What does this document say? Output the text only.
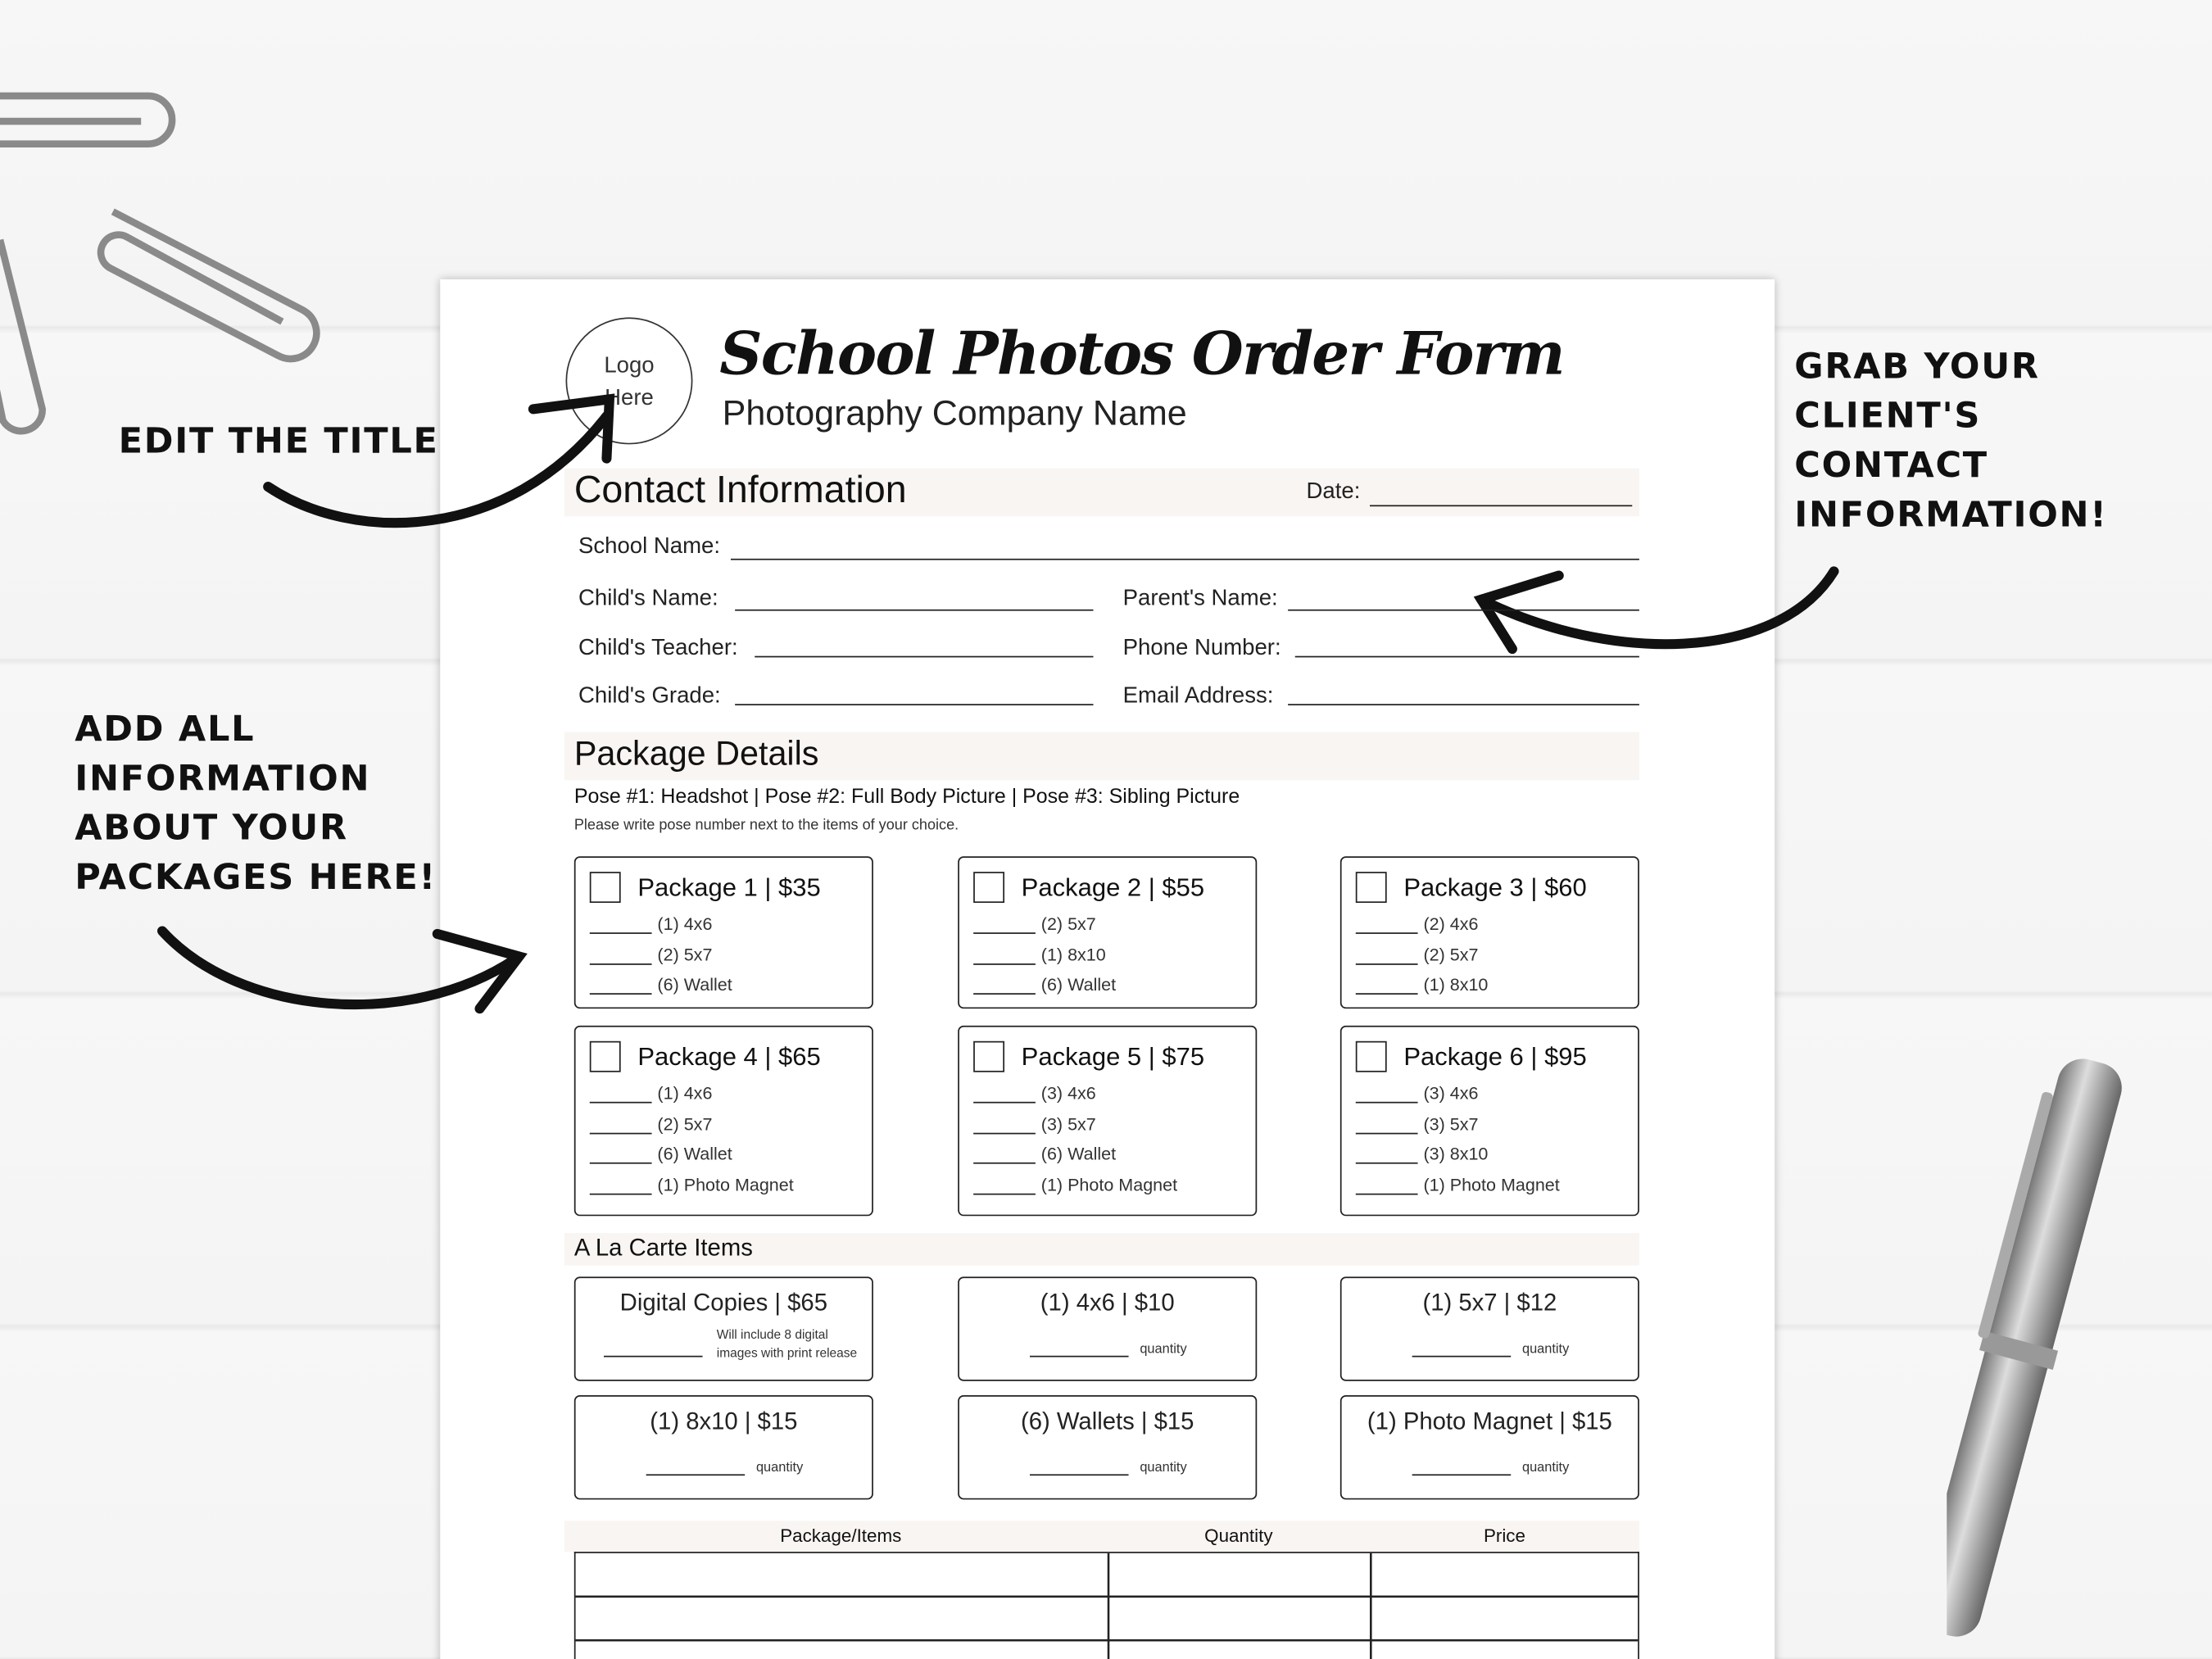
EDIT THE TITLE
GRAB YOUR
CLIENT'S
CONTACT
INFORMATION!
ADD ALL
INFORMATION
ABOUT YOUR
PACKAGES HERE!
Logo
Here
School Photos Order Form
Photography Company Name
Contact Information	Date:
School Name:
Child's Name:	Parent's Name:
Child's Teacher:	Phone Number:
Child's Grade:	Email Address:
Package Details
Pose #1: Headshot | Pose #2: Full Body Picture | Pose #3: Sibling Picture
Please write pose number next to the items of your choice.
Package 1 | $35
(1) 4x6
(2) 5x7
(6) Wallet
Package 2 | $55
(2) 5x7
(1) 8x10
(6) Wallet
Package 3 | $60
(2) 4x6
(2) 5x7
(1) 8x10
Package 4 | $65
(1) 4x6
(2) 5x7
(6) Wallet
(1) Photo Magnet
Package 5 | $75
(3) 4x6
(3) 5x7
(6) Wallet
(1) Photo Magnet
Package 6 | $95
(3) 4x6
(3) 5x7
(3) 8x10
(1) Photo Magnet
A La Carte Items
Digital Copies | $65
Will include 8 digital
images with print release
(1) 4x6 | $10
quantity
(1) 5x7 | $12
quantity
(1) 8x10 | $15
quantity
(6) Wallets | $15
quantity
(1) Photo Magnet | $15
quantity
Package/Items	Quantity	Price
